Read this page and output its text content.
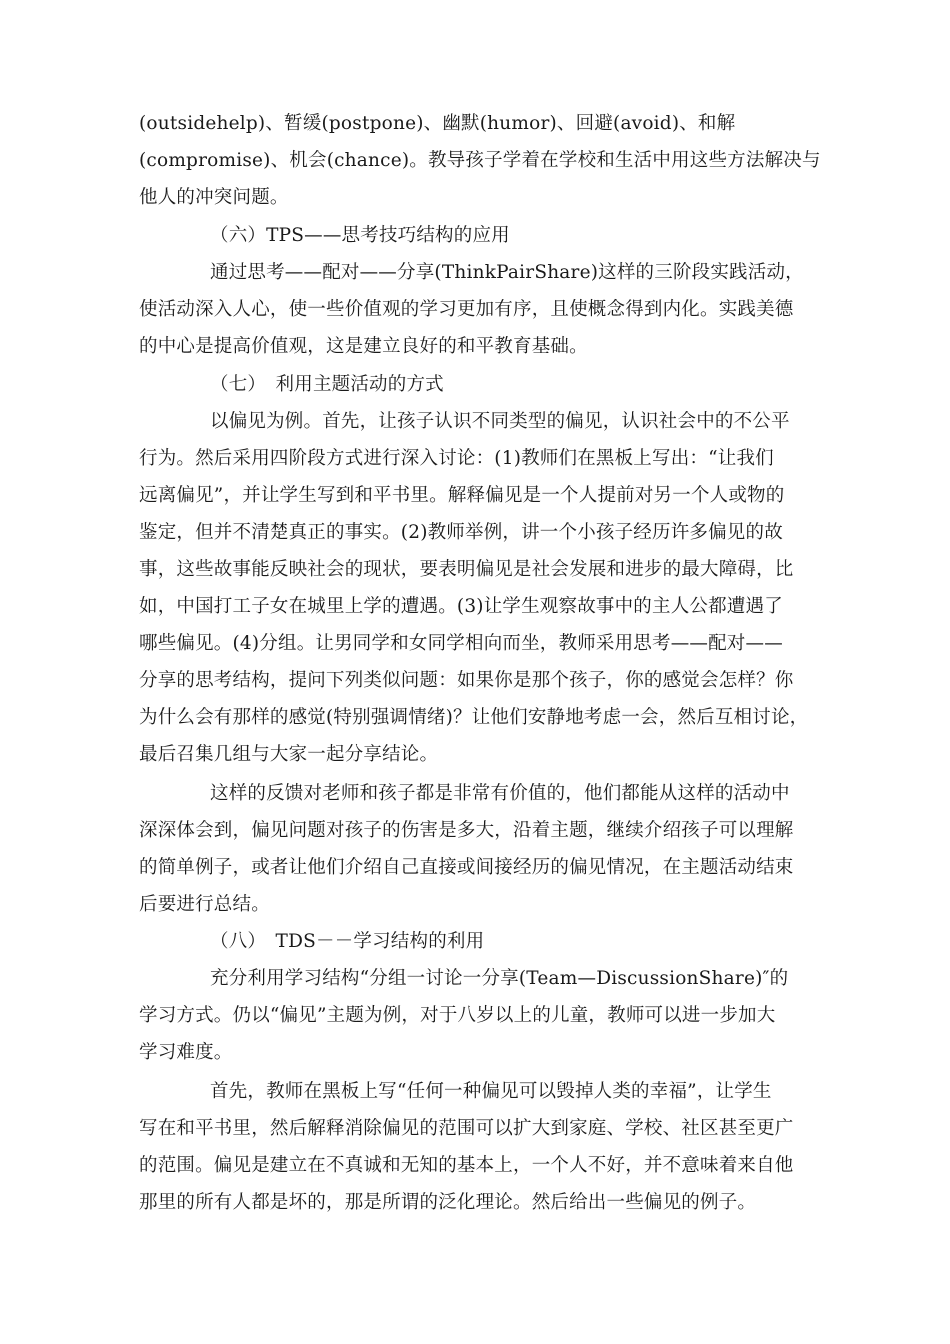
(outsidehelp)、暂缓(postpone)、幽默(humor)、回避(avoid)、和解
(compromise)、机会(chance)。教导孩子学着在学校和生活中用这些方法解决与
他人的冲突问题。
（六）TPS——思考技巧结构的应用
通过思考——配对——分享(ThinkPairShare)这样的三阶段实践活动，
使活动深入人心，使一些价值观的学习更加有序，且使概念得到内化。实践美德
的中心是提高价值观，这是建立良好的和平教育基础。
（七）　利用主题活动的方式
以偏见为例。首先，让孩子认识不同类型的偏见，认识社会中的不公平
行为。然后采用四阶段方式进行深入讨论：(1)教师们在黑板上写出：“让我们
远离偏见”，并让学生写到和平书里。解释偏见是一个人提前对另一个人或物的
鉴定，但并不清楚真正的事实。(2)教师举例，讲一个小孩子经历许多偏见的故
事，这些故事能反映社会的现状，要表明偏见是社会发展和进步的最大障碍，比
如，中国打工子女在城里上学的遭遇。(3)让学生观察故事中的主人公都遭遇了
哪些偏见。(4)分组。让男同学和女同学相向而坐，教师采用思考——配对——
分享的思考结构，提问下列类似问题：如果你是那个孩子，你的感觉会怎样？你
为什么会有那样的感觉(特别强调情绪)？让他们安静地考虑一会，然后互相讨论，
最后召集几组与大家一起分享结论。
这样的反馈对老师和孩子都是非常有价值的，他们都能从这样的活动中
深深体会到，偏见问题对孩子的伤害是多大，沿着主题，继续介绍孩子可以理解
的简单例子，或者让他们介绍自己直接或间接经历的偏见情况，在主题活动结束
后要进行总结。
（八）　TDS－－学习结构的利用
充分利用学习结构“分组一讨论一分享(Team—DiscussionShare)″的
学习方式。仍以“偏见”主题为例，对于八岁以上的儿童，教师可以进一步加大
学习难度。
首先，教师在黑板上写“任何一种偏见可以毁掉人类的幸福”，让学生
写在和平书里，然后解释消除偏见的范围可以扩大到家庭、学校、社区甚至更广
的范围。偏见是建立在不真诚和无知的基本上，一个人不好，并不意味着来自他
那里的所有人都是坏的，那是所谓的泛化理论。然后给出一些偏见的例子。
